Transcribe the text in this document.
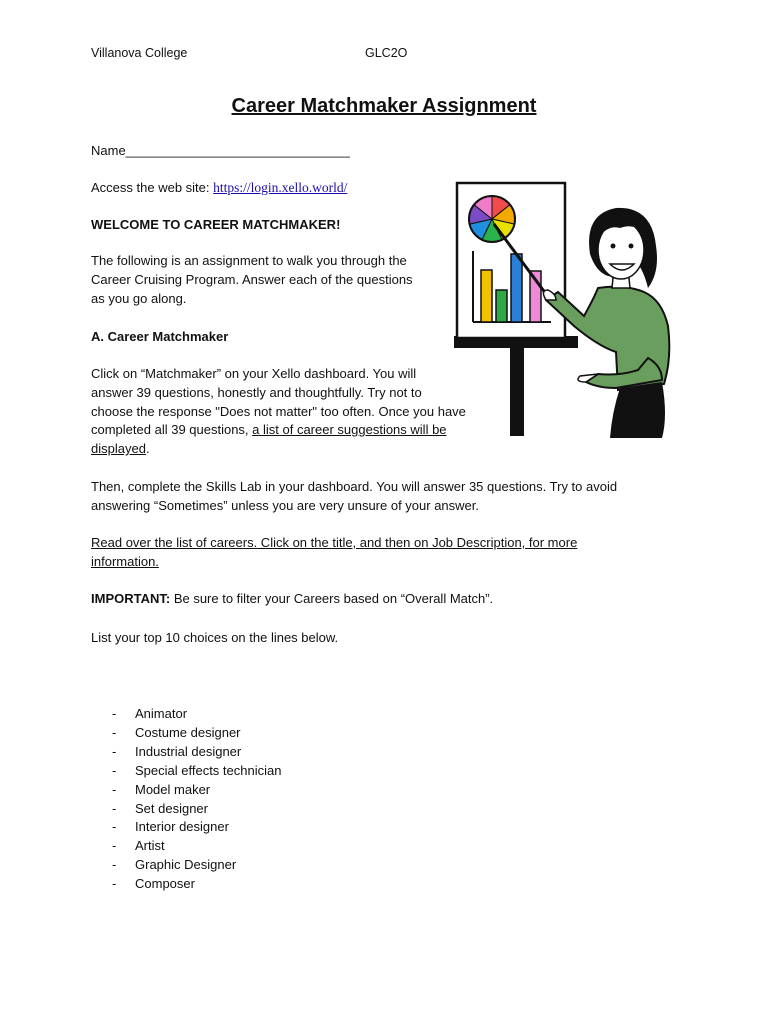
Villanova College	GLC2O
Career Matchmaker Assignment

Name_______________________________

Access the web site: https://login.xello.world/

WELCOME TO CAREER MATCHMAKER!

The following is an assignment to walk you through the
Career Cruising Program. Answer each of the questions
as you go along.

A. Career Matchmaker

Click on “Matchmaker” on your Xello dashboard. You will
answer 39 questions, honestly and thoughtfully. Try not to
choose the response "Does not matter" too often. Once you have
completed all 39 questions, a list of career suggestions will be
displayed.

Then, complete the Skills Lab in your dashboard. You will answer 35 questions. Try to avoid
answering “Sometimes” unless you are very unsure of your answer.

Read over the list of careers. Click on the title, and then on Job Description, for more
information.

IMPORTANT: Be sure to filter your Careers based on “Overall Match”.

List your top 10 choices on the lines below.

-	Animator
-	Costume designer
-	Industrial designer
-	Special effects technician
-	Model maker
-	Set designer
-	Interior designer
-	Artist
-	Graphic Designer
-	Composer
